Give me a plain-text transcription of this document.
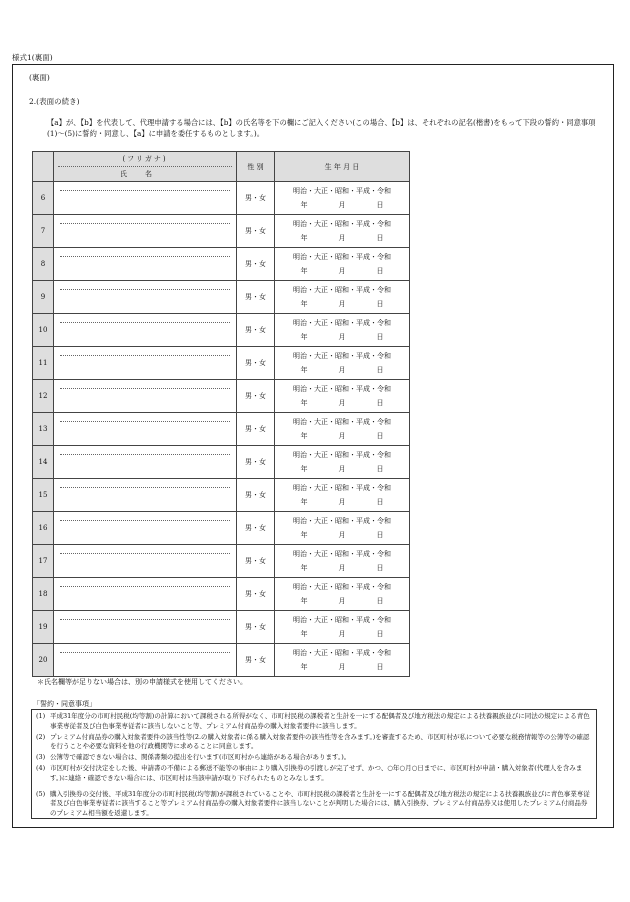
様式1(裏面)
(裏面)
2.(表面の続き)
【a】が、【b】を代表して、代理申請する場合には、【b】の氏名等を下の欄にご記入ください(この場合、【b】は、それぞれの記名(楷書)をもって下段の誓約・同意事項(1)〜(5)に誓約・同意し、【a】に申請を委任するものとします。)。

	(フリガナ)
氏名	性 別	生 年 月 日
6		男・女	明治・大正・昭和・平成・令和
年 月 日

7		男・女	明治・大正・昭和・平成・令和
年 月 日

8		男・女	明治・大正・昭和・平成・令和
年 月 日

9		男・女	明治・大正・昭和・平成・令和
年 月 日

10		男・女	明治・大正・昭和・平成・令和
年 月 日

11		男・女	明治・大正・昭和・平成・令和
年 月 日

12		男・女	明治・大正・昭和・平成・令和
年 月 日

13		男・女	明治・大正・昭和・平成・令和
年 月 日

14		男・女	明治・大正・昭和・平成・令和
年 月 日

15		男・女	明治・大正・昭和・平成・令和
年 月 日

16		男・女	明治・大正・昭和・平成・令和
年 月 日

17		男・女	明治・大正・昭和・平成・令和
年 月 日

18		男・女	明治・大正・昭和・平成・令和
年 月 日

19		男・女	明治・大正・昭和・平成・令和
年 月 日

20		男・女	明治・大正・昭和・平成・令和
年 月 日
＊氏名欄等が足りない場合は、別の申請様式を使用してください。
「誓約・同意事項」
(1) 平成31年度分の市町村民税(均等割)の計算において課税される所得がなく、市町村民税の課税者と生計を一にする配偶者及び地方税法の規定による扶養親族並びに同法の規定による青色事業専従者及び白色事業専従者に該当しないこと等、プレミアム付商品券の購入対象者要件に該当します。
(2) プレミアム付商品券の購入対象者要件の該当性等(2.の購入対象者に係る購入対象者要件の該当性等を含みます。)を審査するため、市区町村が私について必要な税務情報等の公簿等の確認を行うことや必要な資料を他の行政機関等に求めることに同意します。
(3) 公簿等で確認できない場合は、関係書類の提出を行います(市区町村から連絡がある場合があります。)。
(4) 市区町村が交付決定をした後、申請書の不備による郵送不能等の事由により購入引換券の引渡しが完了せず、かつ、○年○月○日までに、市区町村が申請・購入対象者(代理人を含みます。)に連絡・確認できない場合には、市区町村は当該申請が取り下げられたものとみなします。
(5) 購入引換券の交付後、平成31年度分の市町村民税(均等割)が課税されていることや、市町村民税の課税者と生計を一にする配偶者及び地方税法の規定による扶養親族並びに青色事業専従者及び白色事業専従者に該当すること等プレミアム付商品券の購入対象者要件に該当しないことが判明した場合には、購入引換券、プレミアム付商品券又は使用したプレミアム付商品券のプレミアム相当額を返還します。
